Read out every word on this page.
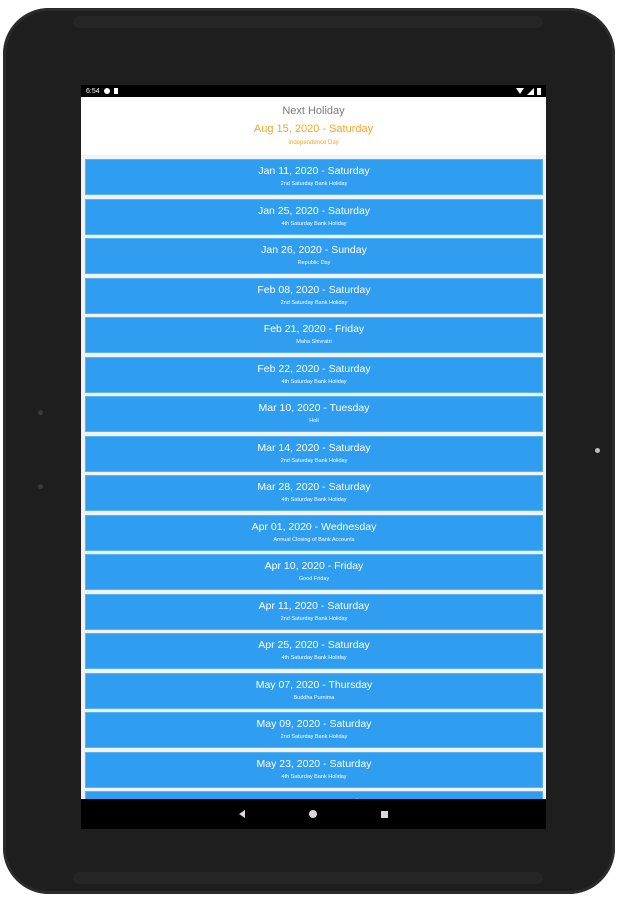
6:54
Next Holiday
Aug 15, 2020 - Saturday
Independence Day
Jan 11, 2020 - Saturday
2nd Saturday Bank Holiday
Jan 25, 2020 - Saturday
4th Saturday Bank Holiday
Jan 26, 2020 - Sunday
Republic Day
Feb 08, 2020 - Saturday
2nd Saturday Bank Holiday
Feb 21, 2020 - Friday
Maha Shivratri
Feb 22, 2020 - Saturday
4th Saturday Bank Holiday
Mar 10, 2020 - Tuesday
Holi
Mar 14, 2020 - Saturday
2nd Saturday Bank Holiday
Mar 28, 2020 - Saturday
4th Saturday Bank Holiday
Apr 01, 2020 - Wednesday
Annual Closing of Bank Accounts
Apr 10, 2020 - Friday
Good Friday
Apr 11, 2020 - Saturday
2nd Saturday Bank Holiday
Apr 25, 2020 - Saturday
4th Saturday Bank Holiday
May 07, 2020 - Thursday
Buddha Purnima
May 09, 2020 - Saturday
2nd Saturday Bank Holiday
May 23, 2020 - Saturday
4th Saturday Bank Holiday
